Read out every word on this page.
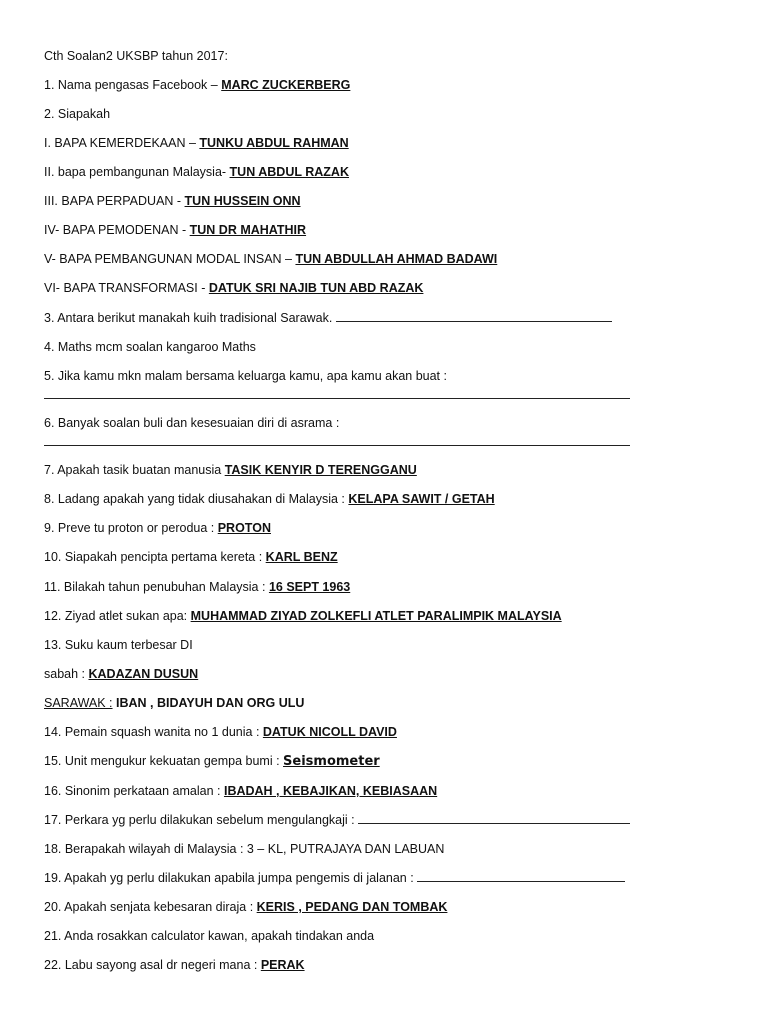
Cth Soalan2 UKSBP tahun 2017:
1. Nama pengasas Facebook – MARC ZUCKERBERG
2. Siapakah
I. BAPA KEMERDEKAAN – TUNKU ABDUL RAHMAN
II. bapa pembangunan Malaysia- TUN ABDUL RAZAK
III. BAPA PERPADUAN - TUN HUSSEIN ONN
IV- BAPA PEMODENAN - TUN DR MAHATHIR
V- BAPA PEMBANGUNAN MODAL INSAN – TUN ABDULLAH AHMAD BADAWI
VI- BAPA TRANSFORMASI - DATUK SRI NAJIB TUN ABD RAZAK
3. Antara berikut manakah kuih tradisional Sarawak.
4. Maths mcm soalan kangaroo Maths
5. Jika kamu mkn malam bersama keluarga kamu, apa kamu akan buat :
6. Banyak soalan buli dan kesesuaian diri di asrama :
7. Apakah tasik buatan manusia TASIK KENYIR D TERENGGANU
8. Ladang apakah yang tidak diusahakan di Malaysia : KELAPA SAWIT / GETAH
9. Preve tu proton or perodua : PROTON
10. Siapakah pencipta pertama kereta : KARL BENZ
11. Bilakah tahun penubuhan Malaysia : 16 SEPT 1963
12. Ziyad atlet sukan apa: MUHAMMAD ZIYAD ZOLKEFLI ATLET PARALIMPIK MALAYSIA
13. Suku kaum terbesar DI
sabah : KADAZAN DUSUN
SARAWAK : IBAN , BIDAYUH DAN ORG ULU
14. Pemain squash wanita no 1 dunia : DATUK NICOLL DAVID
15. Unit mengukur kekuatan gempa bumi : Seismometer
16. Sinonim perkataan amalan : IBADAH , KEBAJIKAN, KEBIASAAN
17. Perkara yg perlu dilakukan sebelum mengulangkaji :
18. Berapakah wilayah di Malaysia : 3 – KL, PUTRAJAYA DAN LABUAN
19. Apakah yg perlu dilakukan apabila jumpa pengemis di jalanan :
20. Apakah senjata kebesaran diraja : KERIS , PEDANG DAN TOMBAK
21. Anda rosakkan calculator kawan, apakah tindakan anda
22. Labu sayong asal dr negeri mana : PERAK
